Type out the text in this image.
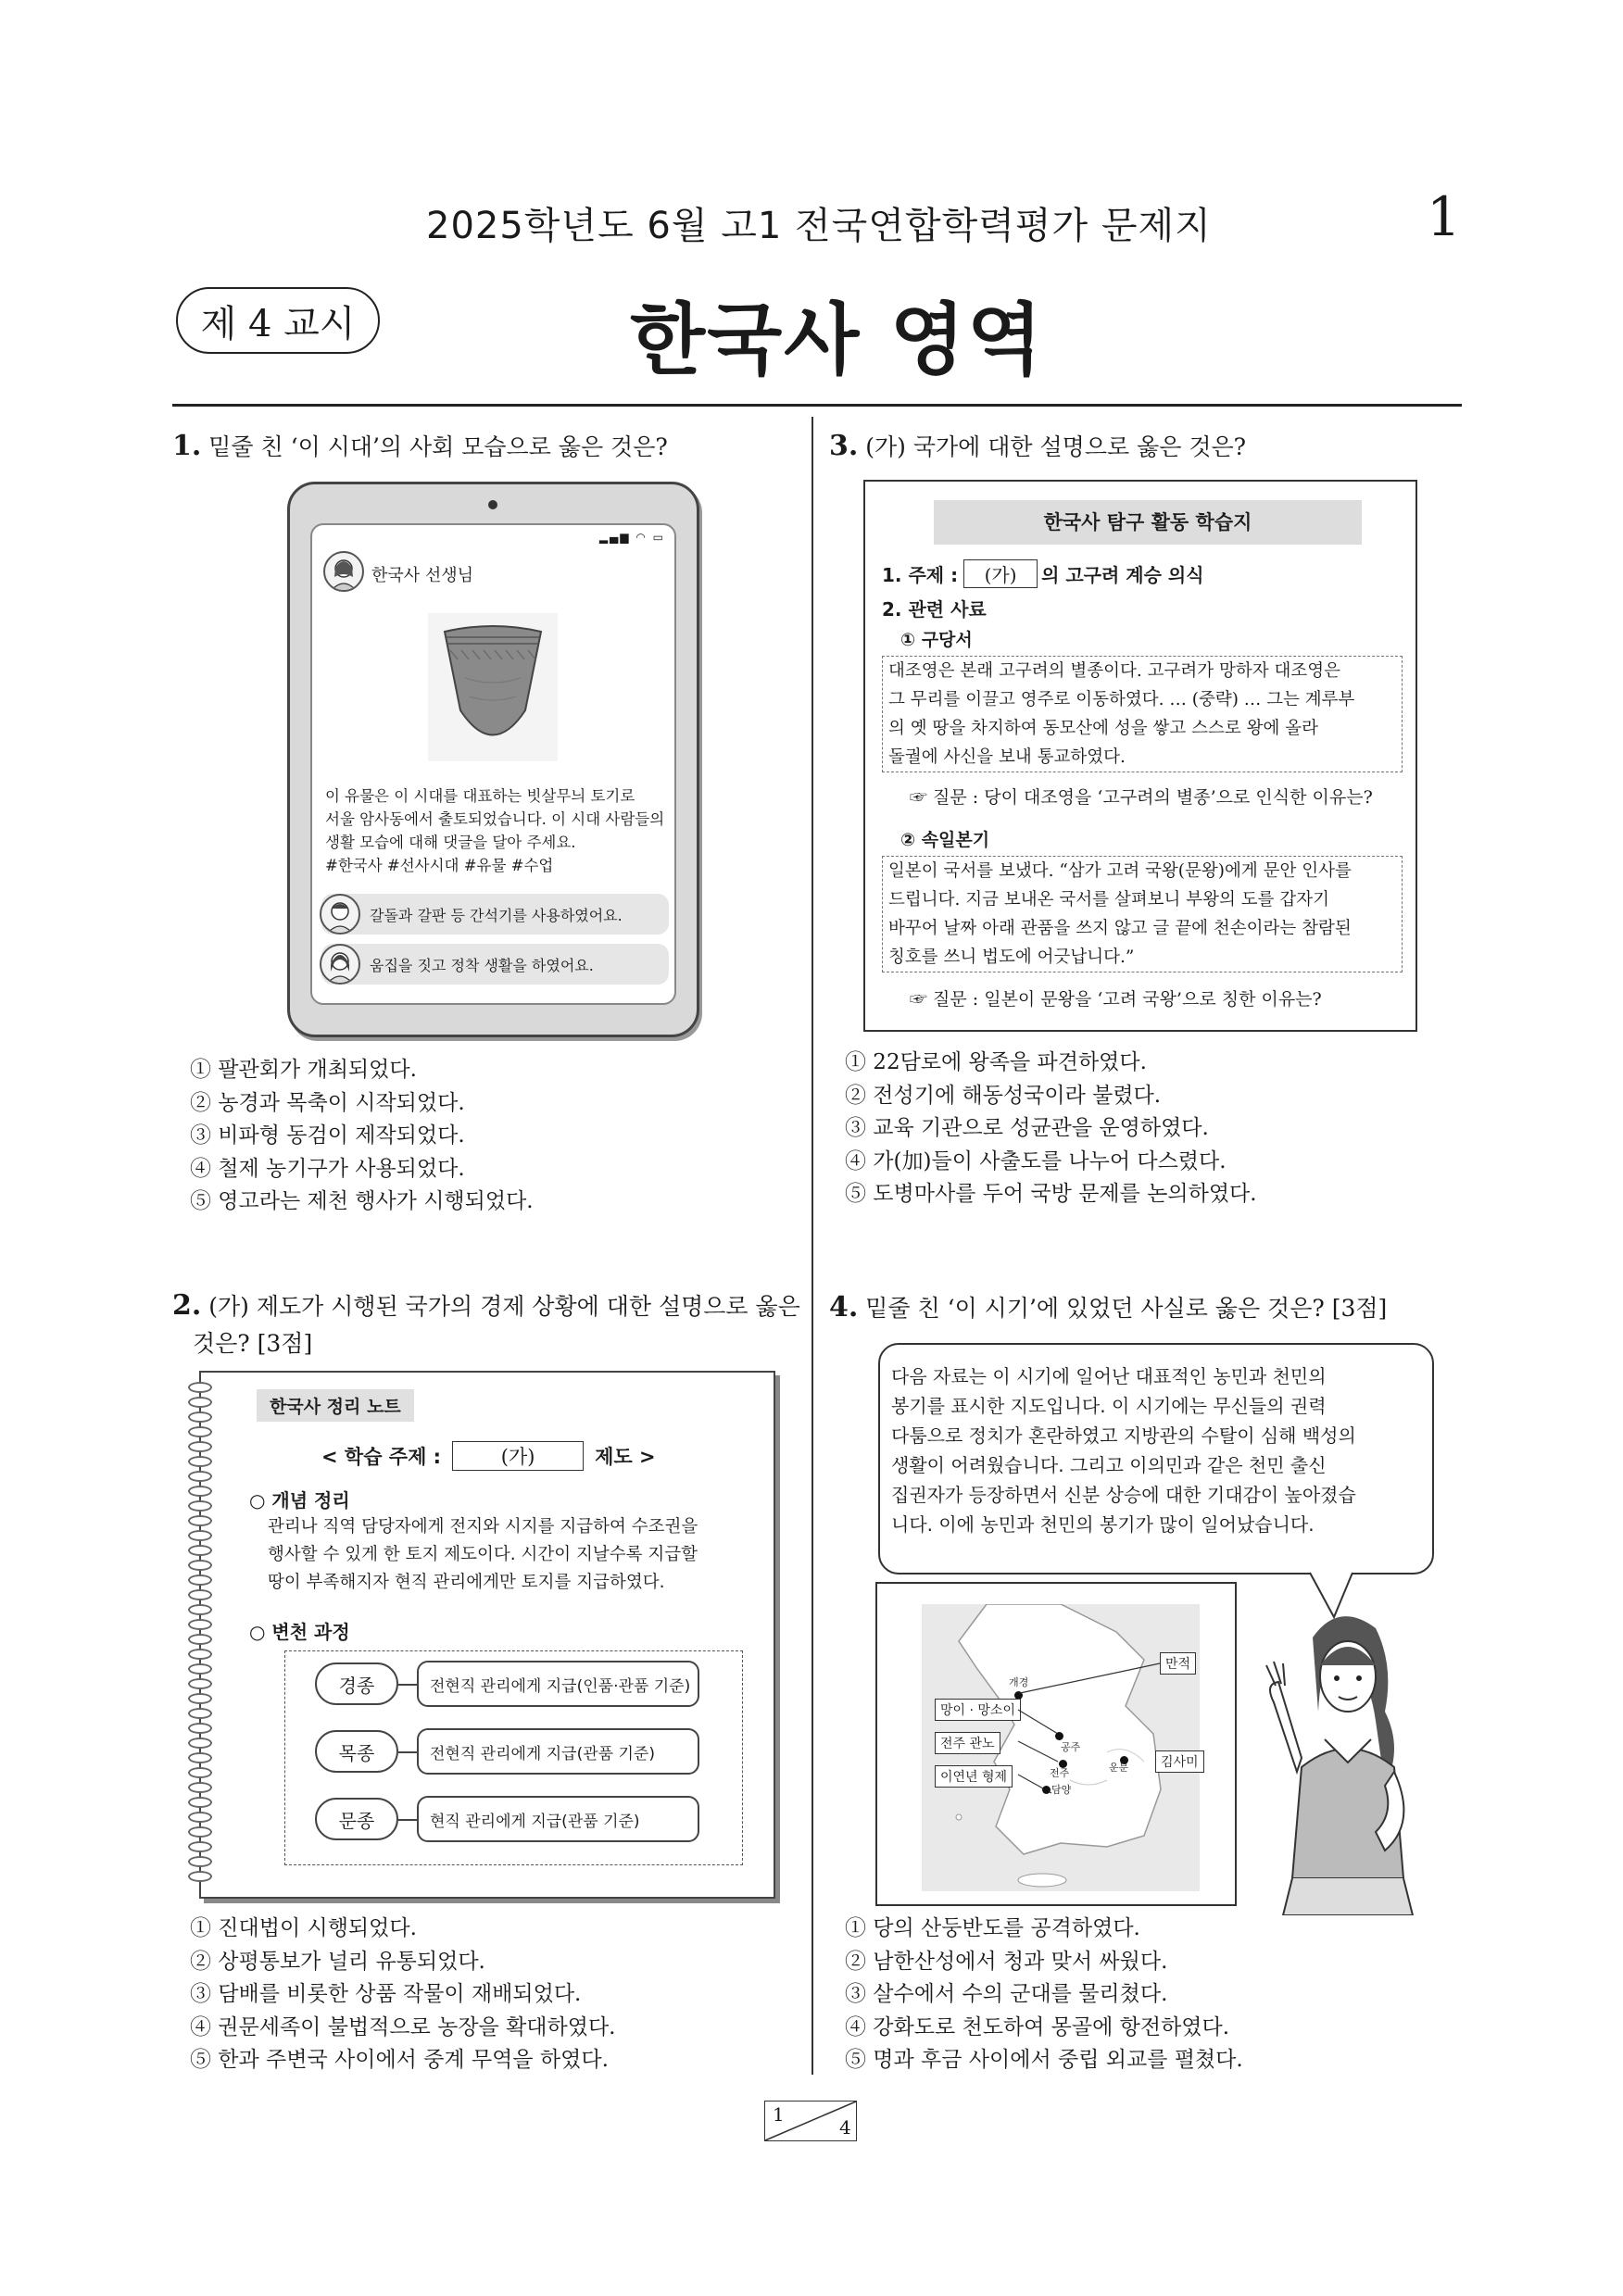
2025학년도 6월 고1 전국연합학력평가 문제지	1
제 4 교시	한국사 영역
1. 밑줄 친 ‘이 시대’의 사회 모습으로 옳은 것은?
▂▄▆ ◠ ▭
한국사 선생님
이 유물은 이 시대를 대표하는 빗살무늬 토기로
서울 암사동에서 출토되었습니다. 이 시대 사람들의
생활 모습에 대해 댓글을 달아 주세요.
#한국사 #선사시대 #유물 #수업
갈돌과 갈판 등 간석기를 사용하였어요.
움집을 짓고 정착 생활을 하였어요.
① 팔관회가 개최되었다.
② 농경과 목축이 시작되었다.
③ 비파형 동검이 제작되었다.
④ 철제 농기구가 사용되었다.
⑤ 영고라는 제천 행사가 시행되었다.
2. (가) 제도가 시행된 국가의 경제 상황에 대한 설명으로 옳은
것은? [3점]
한국사 정리 노트
< 학습 주제 :	(가)	제도 >
○ 개념 정리
관리나 직역 담당자에게 전지와 시지를 지급하여 수조권을
행사할 수 있게 한 토지 제도이다. 시간이 지날수록 지급할
땅이 부족해지자 현직 관리에게만 토지를 지급하였다.
○ 변천 과정
경종	전현직 관리에게 지급(인품·관품 기준)
목종	전현직 관리에게 지급(관품 기준)
문종	현직 관리에게 지급(관품 기준)
① 진대법이 시행되었다.
② 상평통보가 널리 유통되었다.
③ 담배를 비롯한 상품 작물이 재배되었다.
④ 권문세족이 불법적으로 농장을 확대하였다.
⑤ 한과 주변국 사이에서 중계 무역을 하였다.
3. (가) 국가에 대한 설명으로 옳은 것은?
한국사 탐구 활동 학습지
1. 주제 :	(가)	의 고구려 계승 의식
2. 관련 사료
① 구당서
대조영은 본래 고구려의 별종이다. 고구려가 망하자 대조영은
그 무리를 이끌고 영주로 이동하였다. … (중략) … 그는 계루부
의 옛 땅을 차지하여 동모산에 성을 쌓고 스스로 왕에 올라
돌궐에 사신을 보내 통교하였다.
☞ 질문 : 당이 대조영을 ‘고구려의 별종’으로 인식한 이유는?
② 속일본기
일본이 국서를 보냈다. “삼가 고려 국왕(문왕)에게 문안 인사를
드립니다. 지금 보내온 국서를 살펴보니 부왕의 도를 갑자기
바꾸어 날짜 아래 관품을 쓰지 않고 글 끝에 천손이라는 참람된
칭호를 쓰니 법도에 어긋납니다.”
☞ 질문 : 일본이 문왕을 ‘고려 국왕’으로 칭한 이유는?
① 22담로에 왕족을 파견하였다.
② 전성기에 해동성국이라 불렸다.
③ 교육 기관으로 성균관을 운영하였다.
④ 가(加)들이 사출도를 나누어 다스렸다.
⑤ 도병마사를 두어 국방 문제를 논의하였다.
4. 밑줄 친 ‘이 시기’에 있었던 사실로 옳은 것은? [3점]
다음 자료는 이 시기에 일어난 대표적인 농민과 천민의
봉기를 표시한 지도입니다. 이 시기에는 무신들의 권력
다툼으로 정치가 혼란하였고 지방관의 수탈이 심해 백성의
생활이 어려웠습니다. 그리고 이의민과 같은 천민 출신
집권자가 등장하면서 신분 상승에 대한 기대감이 높아졌습
니다. 이에 농민과 천민의 봉기가 많이 일어났습니다.
개경
만적
망이 · 망소이
전주 관노
이연년 형제
공주
전주	운문	김사미
담양
① 당의 산둥반도를 공격하였다.
② 남한산성에서 청과 맞서 싸웠다.
③ 살수에서 수의 군대를 물리쳤다.
④ 강화도로 천도하여 몽골에 항전하였다.
⑤ 명과 후금 사이에서 중립 외교를 펼쳤다.
1
4
